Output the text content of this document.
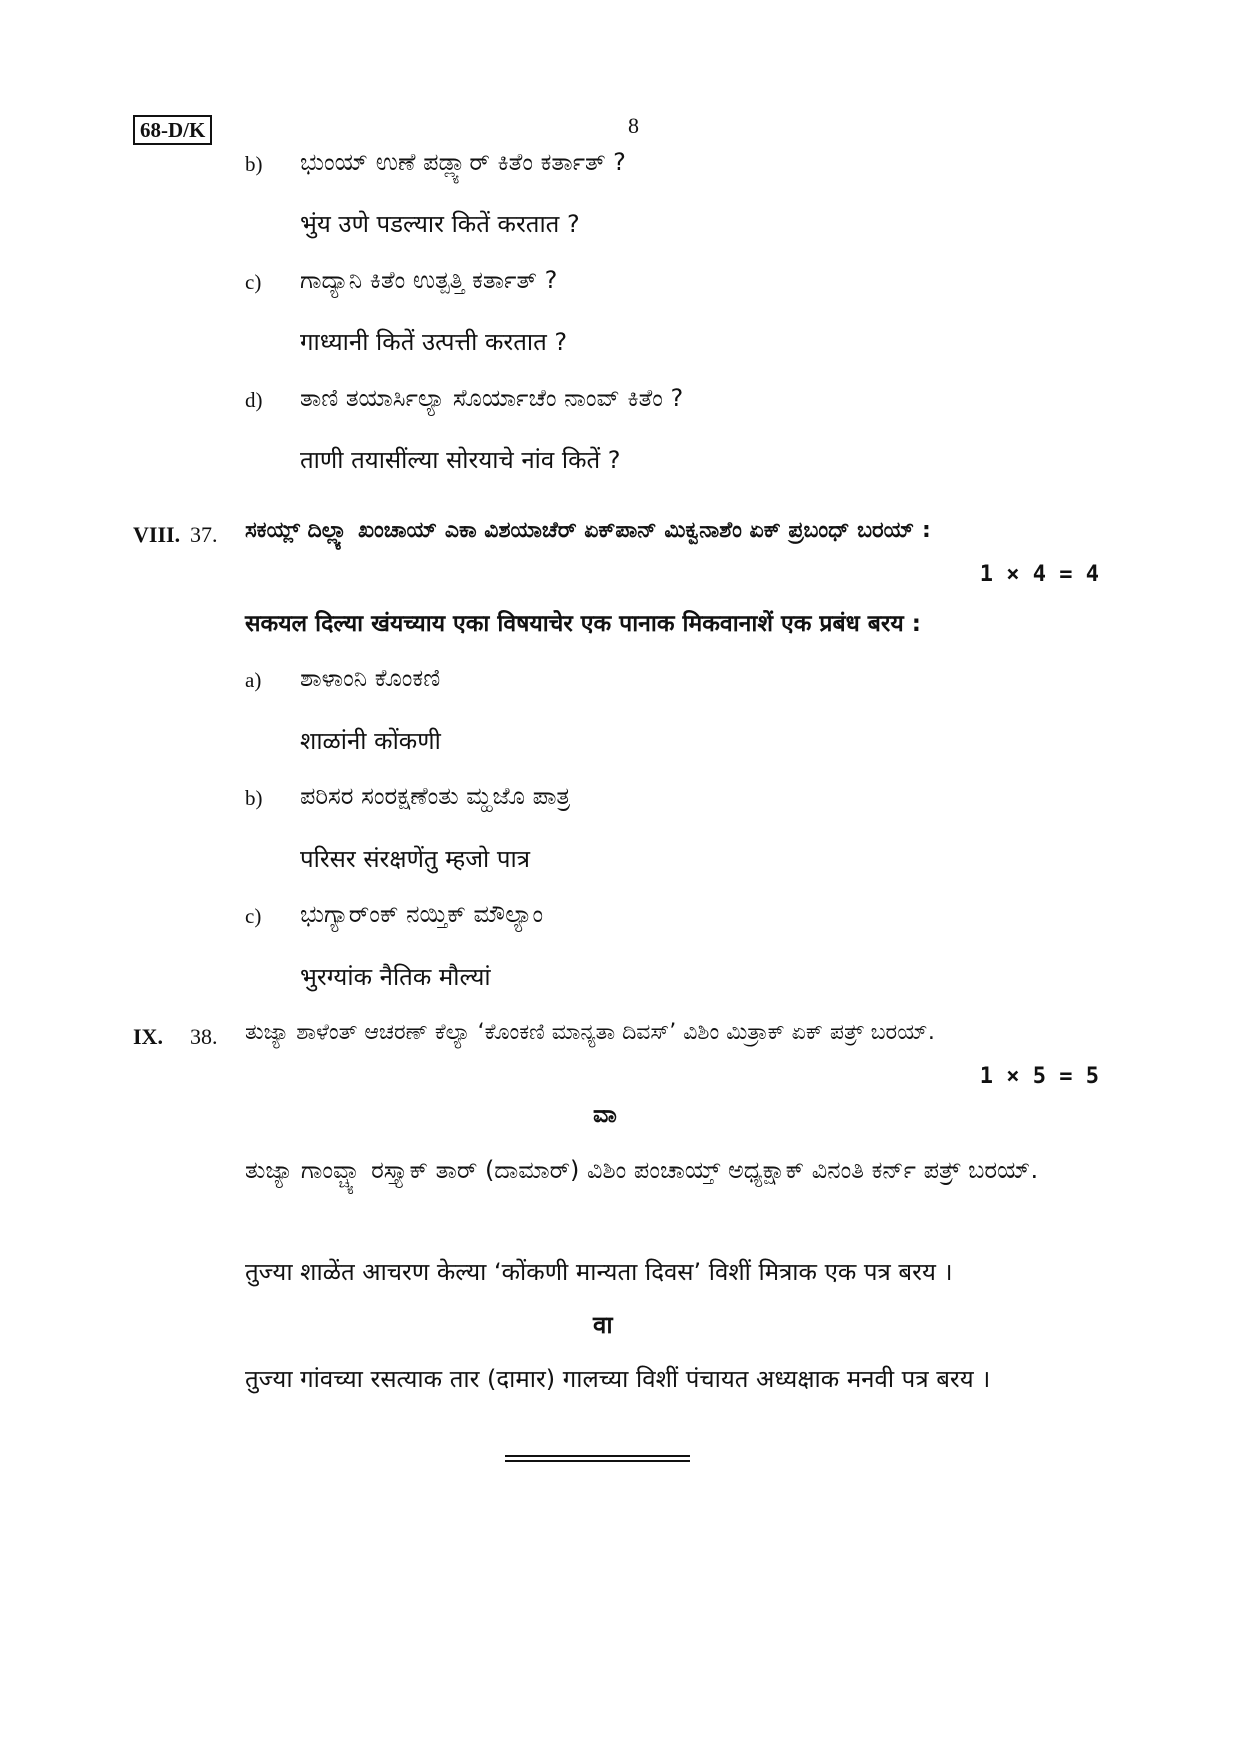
68-D/K	8
b) ಭುಂಯ್ ಉಣೆ ಪಡ್ಲ್ಯಾರ್ ಕಿತೆಂ ಕರ್ತಾತ್ ?
भुंय उणे पडल्यार कितें करतात ?
c) ಗಾದ್ಯಾನಿ ಕಿತೆಂ ಉತ್ಪತ್ತಿ ಕರ್ತಾತ್ ?
गाध्यानी कितें उत्पत्ती करतात ?
d) ತಾಣಿ ತಯಾರ್ಸಿಲ್ಯಾ ಸೊರ್ಯಾಚೆಂ ನಾಂವ್ ಕಿತೆಂ ?
ताणी तयासींल्या सोरयाचे नांव कितें ?
VIII. 37. ಸಕಯ್ಲ್ ದಿಲ್ಲ್ಯಾ ಖಂಚಾಯ್ ಎಕಾ ವಿಶಯಾಚೆರ್ ಏಕ್‌ಪಾನ್ ಮಿಕ್ವನಾಶೆಂ ಏಕ್ ಪ್ರಬಂಧ್ ಬರಯ್ :
1 × 4 = 4
सकयल दिल्या खंयच्याय एका विषयाचेर एक पानाक मिकवानाशें एक प्रबंध बरय :
a) ಶಾಳಾಂನಿ ಕೊಂಕಣಿ
शाळांनी कोंकणी
b) ಪರಿಸರ ಸಂರಕ್ಷಣೆಂತು ಮ್ಹಜೊ ಪಾತ್ರ
परिसर संरक्षणेंतु म्हजो पात्र
c) ಭುಗ್ಯಾರ್ಂಕ್ ನಯ್ತಿಕ್ ಮೌಲ್ಯಾಂ
भुरग्यांक नैतिक मौल्यां
IX. 38. ತುಜ್ಯಾ ಶಾಳೆಂತ್ ಆಚರಣ್ ಕೆಲ್ಯಾ ‘ಕೊಂಕಣಿ ಮಾನ್ಯತಾ ದಿವಸ್’ ವಿಶಿಂ ಮಿತ್ರಾಕ್ ಏಕ್ ಪತ್ರ್ ಬರಯ್.
1 × 5 = 5
ವಾ
ತುಜ್ಯಾ ಗಾಂವ್ಚ್ಯಾ ರಸ್ತ್ಯಾಕ್ ತಾರ್ (ದಾಮಾರ್) ವಿಶಿಂ ಪಂಚಾಯ್ತ್ ಅಧ್ಯಕ್ಷಾಕ್ ವಿನಂತಿ ಕರ್ನ್ ಪತ್ರ್ ಬರಯ್.
तुज्या शाळेंत आचरण केल्या ‘कोंकणी मान्यता दिवस’ विशीं मित्राक एक पत्र बरय ।
वा
तुज्या गांवच्या रसत्याक तार (दामार) गालच्या विशीं पंचायत अध्यक्षाक मनवी पत्र बरय ।
